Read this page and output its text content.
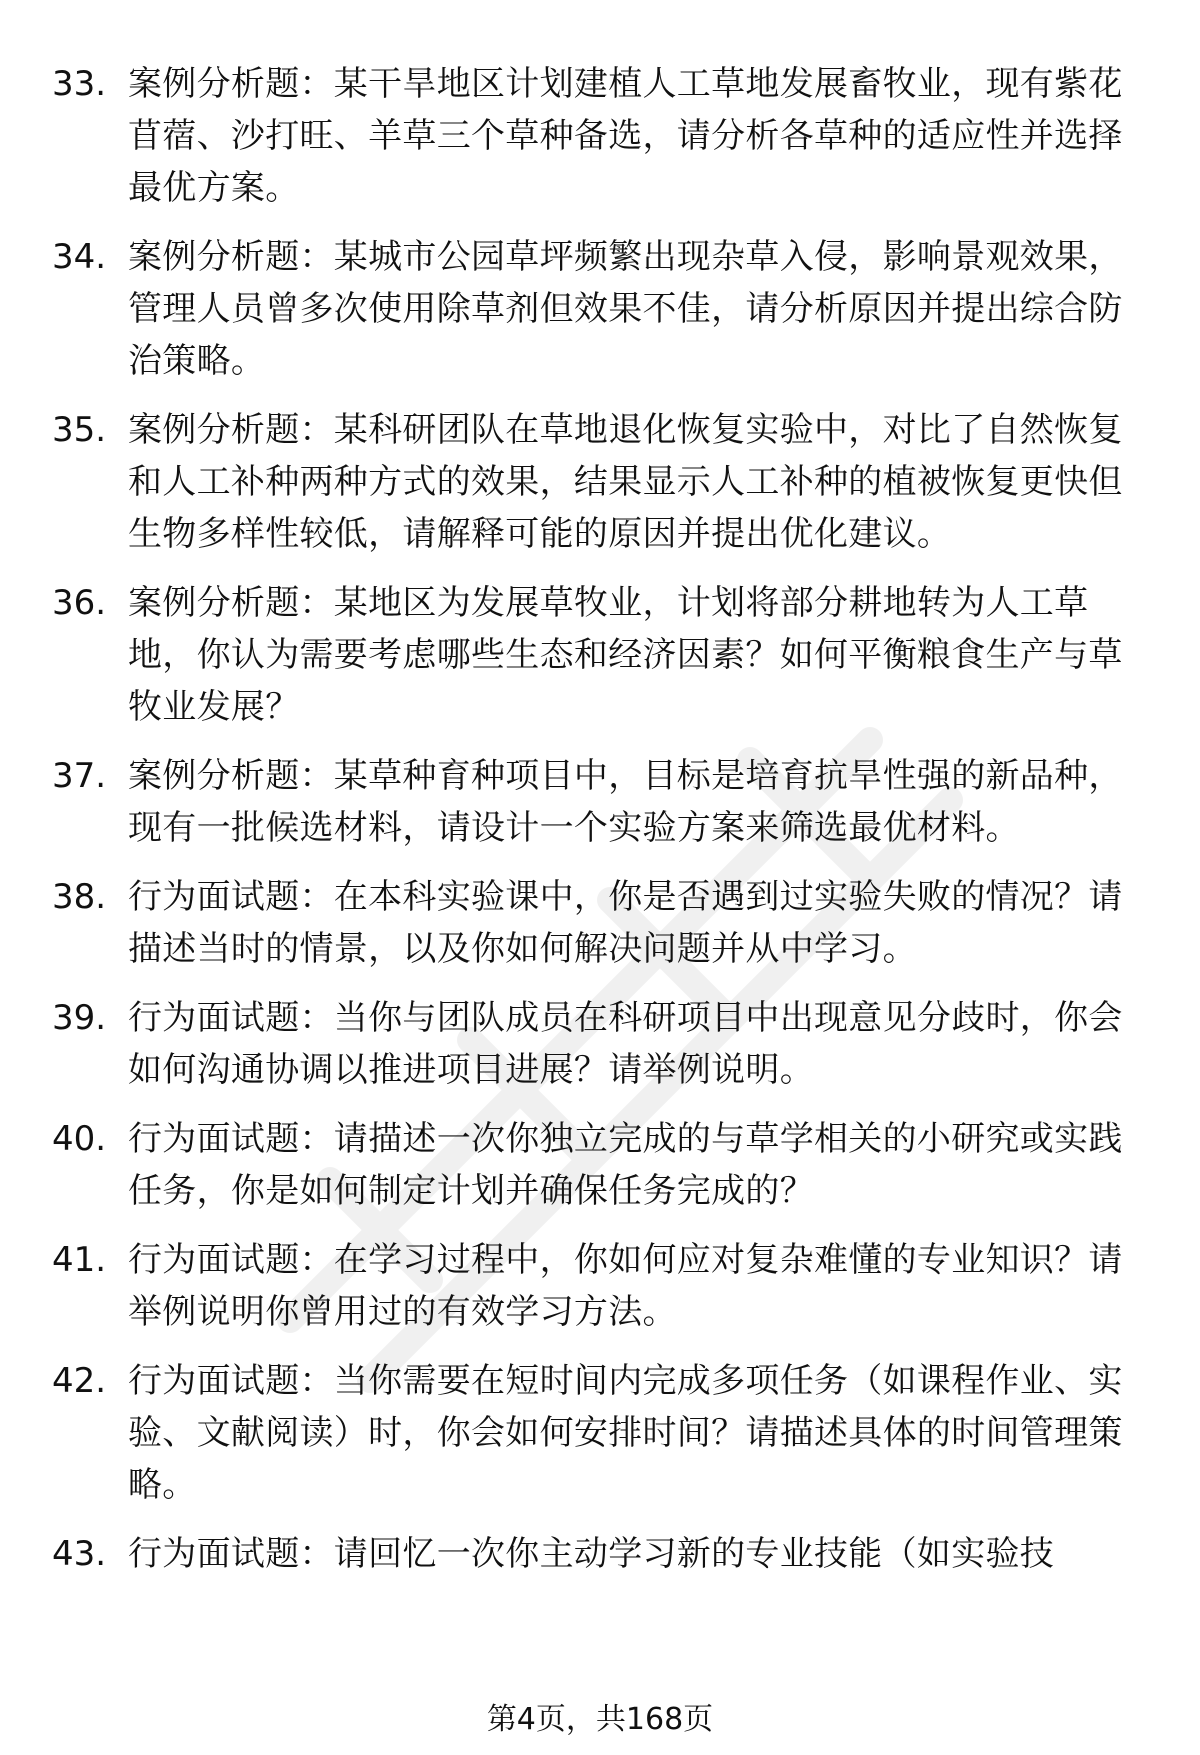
33. 案例分析题：某干旱地区计划建植人工草地发展畜牧业，现有紫花苜蓿、沙打旺、羊草三个草种备选，请分析各草种的适应性并选择最优方案。
34. 案例分析题：某城市公园草坪频繁出现杂草入侵，影响景观效果，管理人员曾多次使用除草剂但效果不佳，请分析原因并提出综合防治策略。
35. 案例分析题：某科研团队在草地退化恢复实验中，对比了自然恢复和人工补种两种方式的效果，结果显示人工补种的植被恢复更快但生物多样性较低，请解释可能的原因并提出优化建议。
36. 案例分析题：某地区为发展草牧业，计划将部分耕地转为人工草地，你认为需要考虑哪些生态和经济因素？如何平衡粮食生产与草牧业发展？
37. 案例分析题：某草种育种项目中，目标是培育抗旱性强的新品种，现有一批候选材料，请设计一个实验方案来筛选最优材料。
38. 行为面试题：在本科实验课中，你是否遇到过实验失败的情况？请描述当时的情景，以及你如何解决问题并从中学习。
39. 行为面试题：当你与团队成员在科研项目中出现意见分歧时，你会如何沟通协调以推进项目进展？请举例说明。
40. 行为面试题：请描述一次你独立完成的与草学相关的小研究或实践任务，你是如何制定计划并确保任务完成的？
41. 行为面试题：在学习过程中，你如何应对复杂难懂的专业知识？请举例说明你曾用过的有效学习方法。
42. 行为面试题：当你需要在短时间内完成多项任务（如课程作业、实验、文献阅读）时，你会如何安排时间？请描述具体的时间管理策略。
43. 行为面试题：请回忆一次你主动学习新的专业技能（如实验技
第4页，共168页
